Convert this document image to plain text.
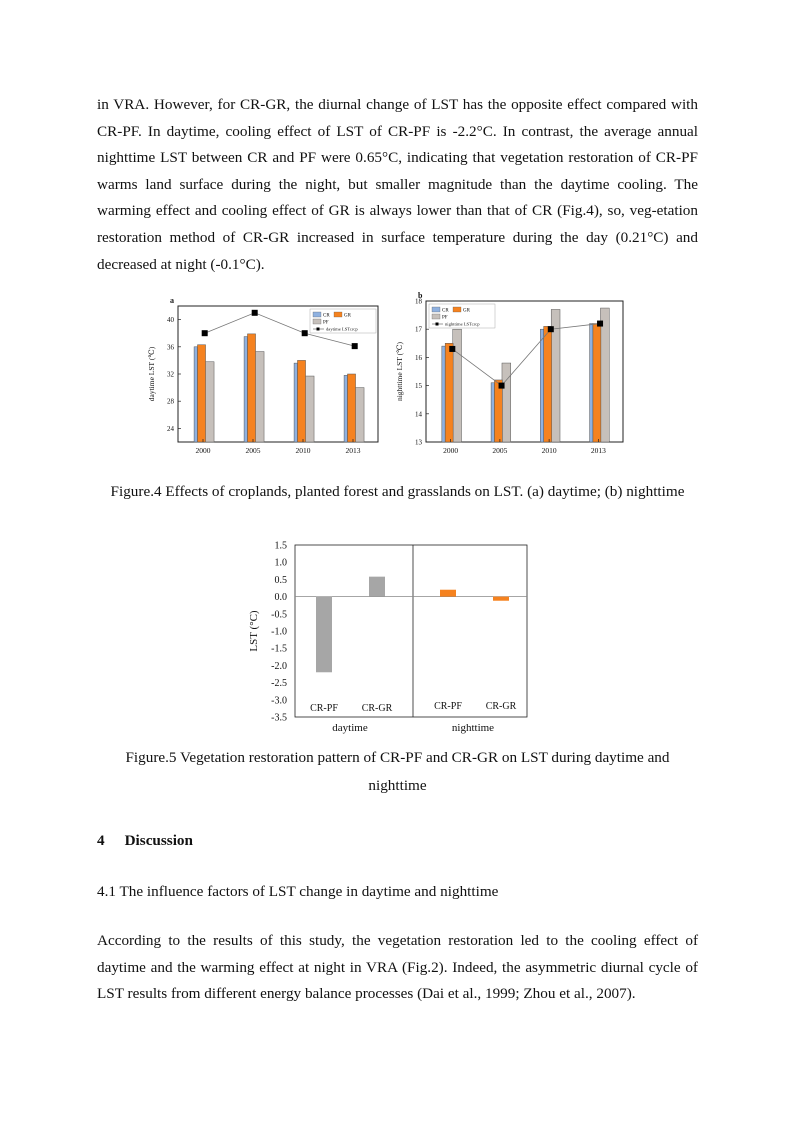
in VRA. However, for CR-GR, the diurnal change of LST has the opposite effect compared with CR-PF. In daytime, cooling effect of LST of CR-PF is -2.2°C. In contrast, the average annual nighttime LST between CR and PF were 0.65°C, indicating that vegetation restoration of CR-PF warms land surface during the night, but smaller magnitude than the daytime cooling. The warming effect and cooling effect of GR is always lower than that of CR (Fig.4), so, veg-etation restoration method of CR-GR increased in surface temperature during the day (0.21°C) and decreased at night (-0.1°C).

a
24
28
32
36
40
daytime LST (℃)
2000	2005	2010	2013
CR	GR
PF
daytime LSTcrcp
b
13
14
15
16
17
18
nighttime LST (℃)
2000	2005	2010	2013
CR	GR
PF
nighttime LSTcrcp

Figure.4 Effects of croplands, planted forest and grasslands on LST. (a) daytime; (b) nighttime

1.5
1.0
0.5
0.0
-0.5
-1.0
-1.5
-2.0
-2.5
-3.0
-3.5
LST (°C)
CR-PF CR-GR	CR-PF CR-GR
daytime	nighttime

Figure.5 Vegetation restoration pattern of CR-PF and CR-GR on LST during daytime and nighttime

4 Discussion
4.1 The influence factors of LST change in daytime and nighttime

According to the results of this study, the vegetation restoration led to the cooling effect of daytime and the warming effect at night in VRA (Fig.2). Indeed, the asymmetric diurnal cycle of LST results from different energy balance processes (Dai et al., 1999; Zhou et al., 2007).
